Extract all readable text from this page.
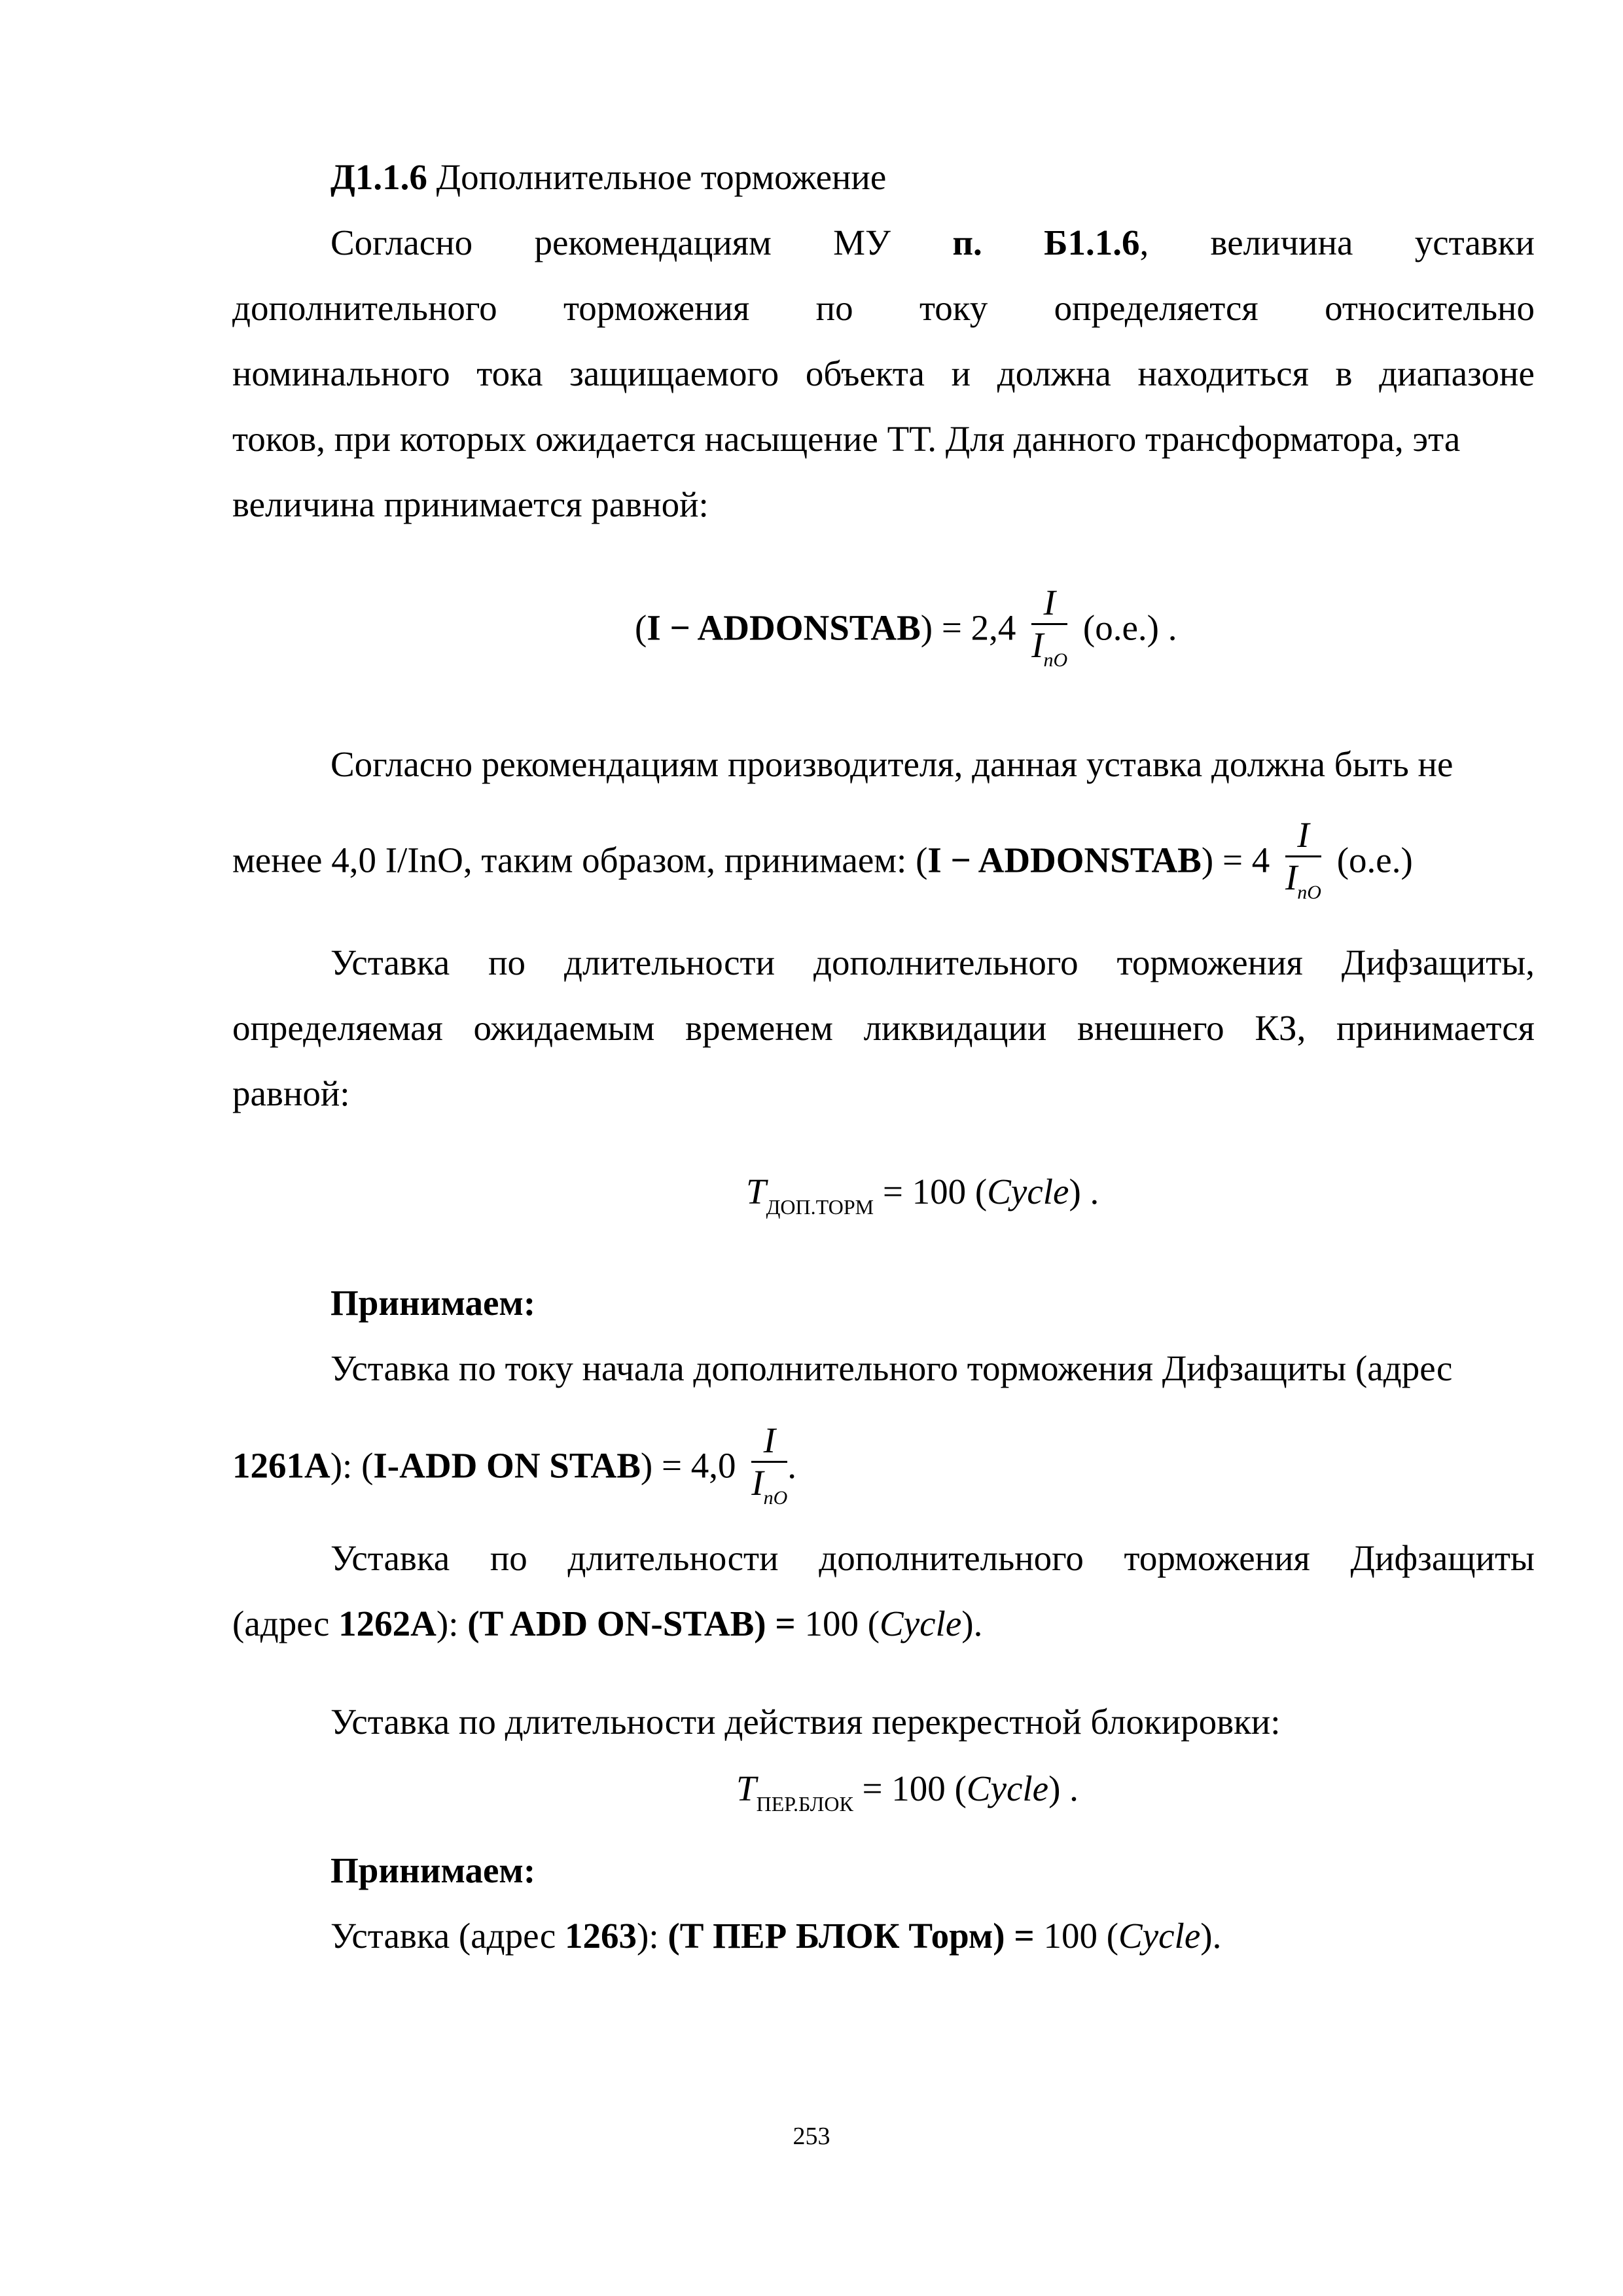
Д1.1.6 Дополнительное торможение
Согласно рекомендациям МУ п. Б1.1.6, величина уставки
дополнительного торможения по току определяется относительно
номинального тока защищаемого объекта и должна находиться в диапазоне
токов, при которых ожидается насыщение ТТ. Для данного трансформатора, эта
величина принимается равной:
(I − ADDONSTAB) = $2,4 \frac{I}{I_{nO}} (о.е.)$ .
Согласно рекомендациям производителя, данная уставка должна быть не
менее 4,0 I/InO, таким образом, принимаем: (I − ADDONSTAB) = $4 \frac{I}{I_{nO}} (о.е.)$
Уставка по длительности дополнительного торможения Дифзащиты,
определяемая ожидаемым временем ликвидации внешнего КЗ, принимается
равной:
$T_{ДОП.ТОРМ} = 100$ (Cycle) .
Принимаем:
Уставка по току начала дополнительного торможения Дифзащиты (адрес
1261А): (I-ADD ON STAB) = $4,0 \frac{I}{I_{nO}}$ .
Уставка по длительности дополнительного торможения Дифзащиты
(адрес 1262А): (T ADD ON-STAB) = 100 (Cycle).
Уставка по длительности действия перекрестной блокировки:
$T_{ПЕР.БЛОК} = 100$ (Cycle) .
Принимаем:
Уставка (адрес 1263): (Т ПЕР БЛОК Торм) = 100 (Cycle).
253
